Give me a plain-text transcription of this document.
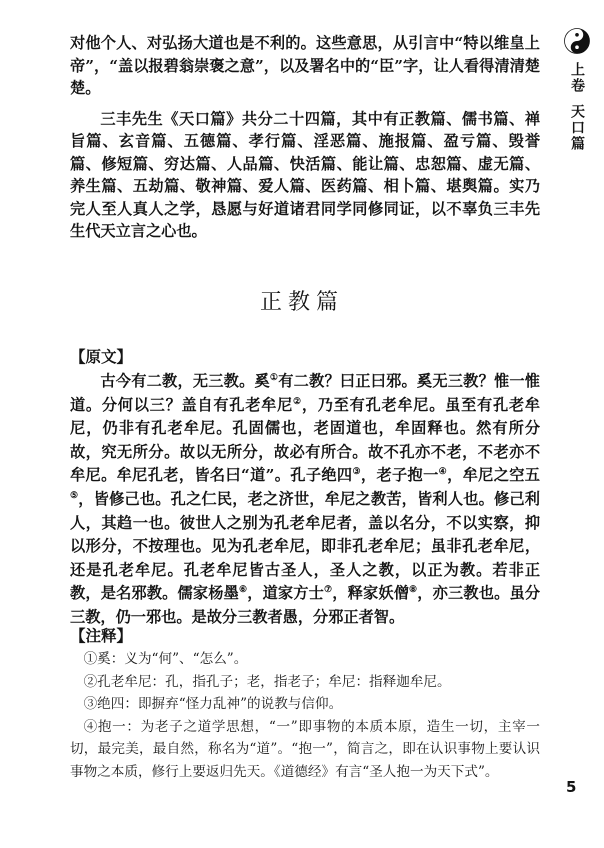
对他个人、对弘扬大道也是不利的。这些意思，从引言中“特以维皇上帝”，“盖以报碧翁崇褒之意”，以及署名中的“臣”字，让人看得清清楚楚。

三丰先生《天口篇》共分二十四篇，其中有正教篇、儒书篇、禅旨篇、玄音篇、五德篇、孝行篇、淫恶篇、施报篇、盈亏篇、毁誉篇、修短篇、穷达篇、人品篇、快活篇、能让篇、忠恕篇、虚无篇、养生篇、五劫篇、敬神篇、爱人篇、医药篇、相卜篇、堪舆篇。实乃完人至人真人之学，恳愿与好道诸君同学同修同证，以不辜负三丰先生代天立言之心也。

正教篇
【原文】

古今有二教，无三教。奚①有二教？曰正曰邪。奚无三教？惟一惟道。分何以三？盖自有孔老牟尼②，乃至有孔老牟尼。虽至有孔老牟尼，仍非有孔老牟尼。孔固儒也，老固道也，牟固释也。然有所分故，究无所分。故以无所分，故必有所合。故不孔亦不老，不老亦不牟尼。牟尼孔老，皆名曰“道”。孔子绝四③，老子抱一④，牟尼之空五⑤，皆修己也。孔之仁民，老之济世，牟尼之教苦，皆利人也。修己利人，其趋一也。彼世人之别为孔老牟尼者，盖以名分，不以实察，抑以形分，不按理也。见为孔老牟尼，即非孔老牟尼；虽非孔老牟尼，还是孔老牟尼。孔老牟尼皆古圣人，圣人之教，以正为教。若非正教，是名邪教。儒家杨墨⑥，道家方士⑦，释家妖僧⑧，亦三教也。虽分三教，仍一邪也。是故分三教者愚，分邪正者智。

【注释】

①奚：义为“何”、“怎么”。

②孔老牟尼：孔，指孔子；老，指老子；牟尼：指释迦牟尼。

③绝四：即摒弃“怪力乱神”的说教与信仰。

④抱一：为老子之道学思想，“一”即事物的本质本原，造生一切，主宰一切，最完美，最自然，称名为“道”。“抱一”，简言之，即在认识事物上要认识事物之本质，修行上要返归先天。《道德经》有言“圣人抱一为天下式”。

上卷
天口篇
5
